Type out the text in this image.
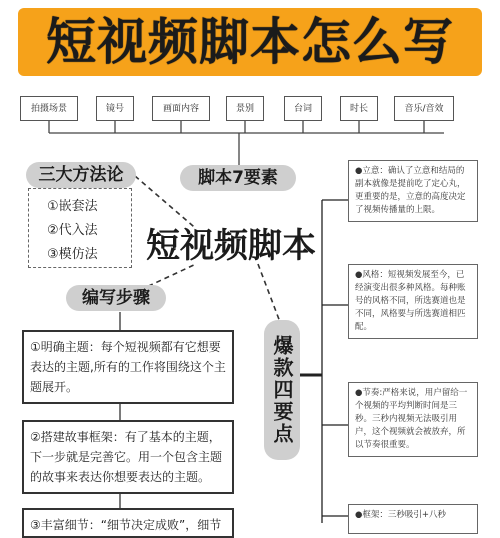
短视频脚本怎么写
拍摄场景	镜号	画面内容	景别	台词	时长	音乐/音效
三大方法论
①嵌套法
②代入法
③模仿法
脚本7要素
短视频脚本
编写步骤
①明确主题：每个短视频都有它想要表达的主题,所有的工作将围绕这个主题展开。
②搭建故事框架：有了基本的主题，下一步就是完善它。用一个包含主题的故事来表达你想要表达的主题。
③丰富细节：“细节决定成败”，细节
爆款四要点
●立意：确认了立意和结局的副本就像是提前吃了定心丸，更重要的是，立意的高度决定了视频传播量的上限。
●风格：短视频发展至今，已经演变出很多种风格。每种账号的风格不同，所选赛道也是不同，风格要与所选赛道相匹配。
●节奏:严格来说，用户留给一个视频的平均判断时间是三秒。三秒内视频无法吸引用户，这个视频就会被放弃，所以节奏很重要。
●框架：三秒吸引+八秒
